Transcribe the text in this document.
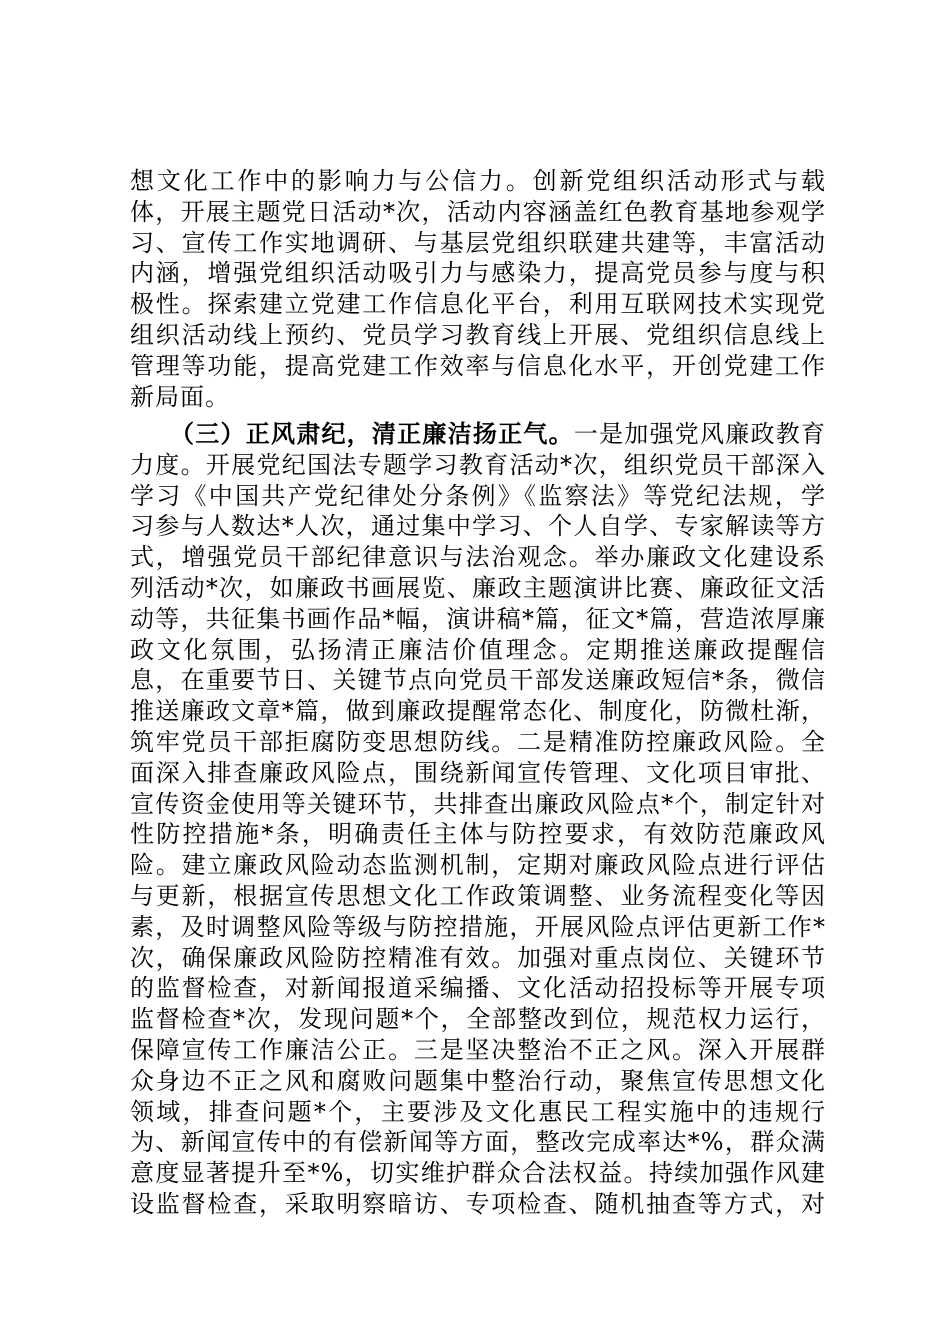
想文化工作中的影响力与公信力。创新党组织活动形式与载
体，开展主题党日活动*次，活动内容涵盖红色教育基地参观学
习、宣传工作实地调研、与基层党组织联建共建等，丰富活动
内涵，增强党组织活动吸引力与感染力，提高党员参与度与积
极性。探索建立党建工作信息化平台，利用互联网技术实现党
组织活动线上预约、党员学习教育线上开展、党组织信息线上
管理等功能，提高党建工作效率与信息化水平，开创党建工作
新局面。
（三）正风肃纪，清正廉洁扬正气。一是加强党风廉政教育
力度。开展党纪国法专题学习教育活动*次，组织党员干部深入
学习《中国共产党纪律处分条例》《监察法》等党纪法规，学
习参与人数达*人次，通过集中学习、个人自学、专家解读等方
式，增强党员干部纪律意识与法治观念。举办廉政文化建设系
列活动*次，如廉政书画展览、廉政主题演讲比赛、廉政征文活
动等，共征集书画作品*幅，演讲稿*篇，征文*篇，营造浓厚廉
政文化氛围，弘扬清正廉洁价值理念。定期推送廉政提醒信
息，在重要节日、关键节点向党员干部发送廉政短信*条，微信
推送廉政文章*篇，做到廉政提醒常态化、制度化，防微杜渐，
筑牢党员干部拒腐防变思想防线。二是精准防控廉政风险。全
面深入排查廉政风险点，围绕新闻宣传管理、文化项目审批、
宣传资金使用等关键环节，共排查出廉政风险点*个，制定针对
性防控措施*条，明确责任主体与防控要求，有效防范廉政风
险。建立廉政风险动态监测机制，定期对廉政风险点进行评估
与更新，根据宣传思想文化工作政策调整、业务流程变化等因
素，及时调整风险等级与防控措施，开展风险点评估更新工作*
次，确保廉政风险防控精准有效。加强对重点岗位、关键环节
的监督检查，对新闻报道采编播、文化活动招投标等开展专项
监督检查*次，发现问题*个，全部整改到位，规范权力运行，
保障宣传工作廉洁公正。三是坚决整治不正之风。深入开展群
众身边不正之风和腐败问题集中整治行动，聚焦宣传思想文化
领域，排查问题*个，主要涉及文化惠民工程实施中的违规行
为、新闻宣传中的有偿新闻等方面，整改完成率达*%，群众满
意度显著提升至*%，切实维护群众合法权益。持续加强作风建
设监督检查，采取明察暗访、专项检查、随机抽查等方式，对
